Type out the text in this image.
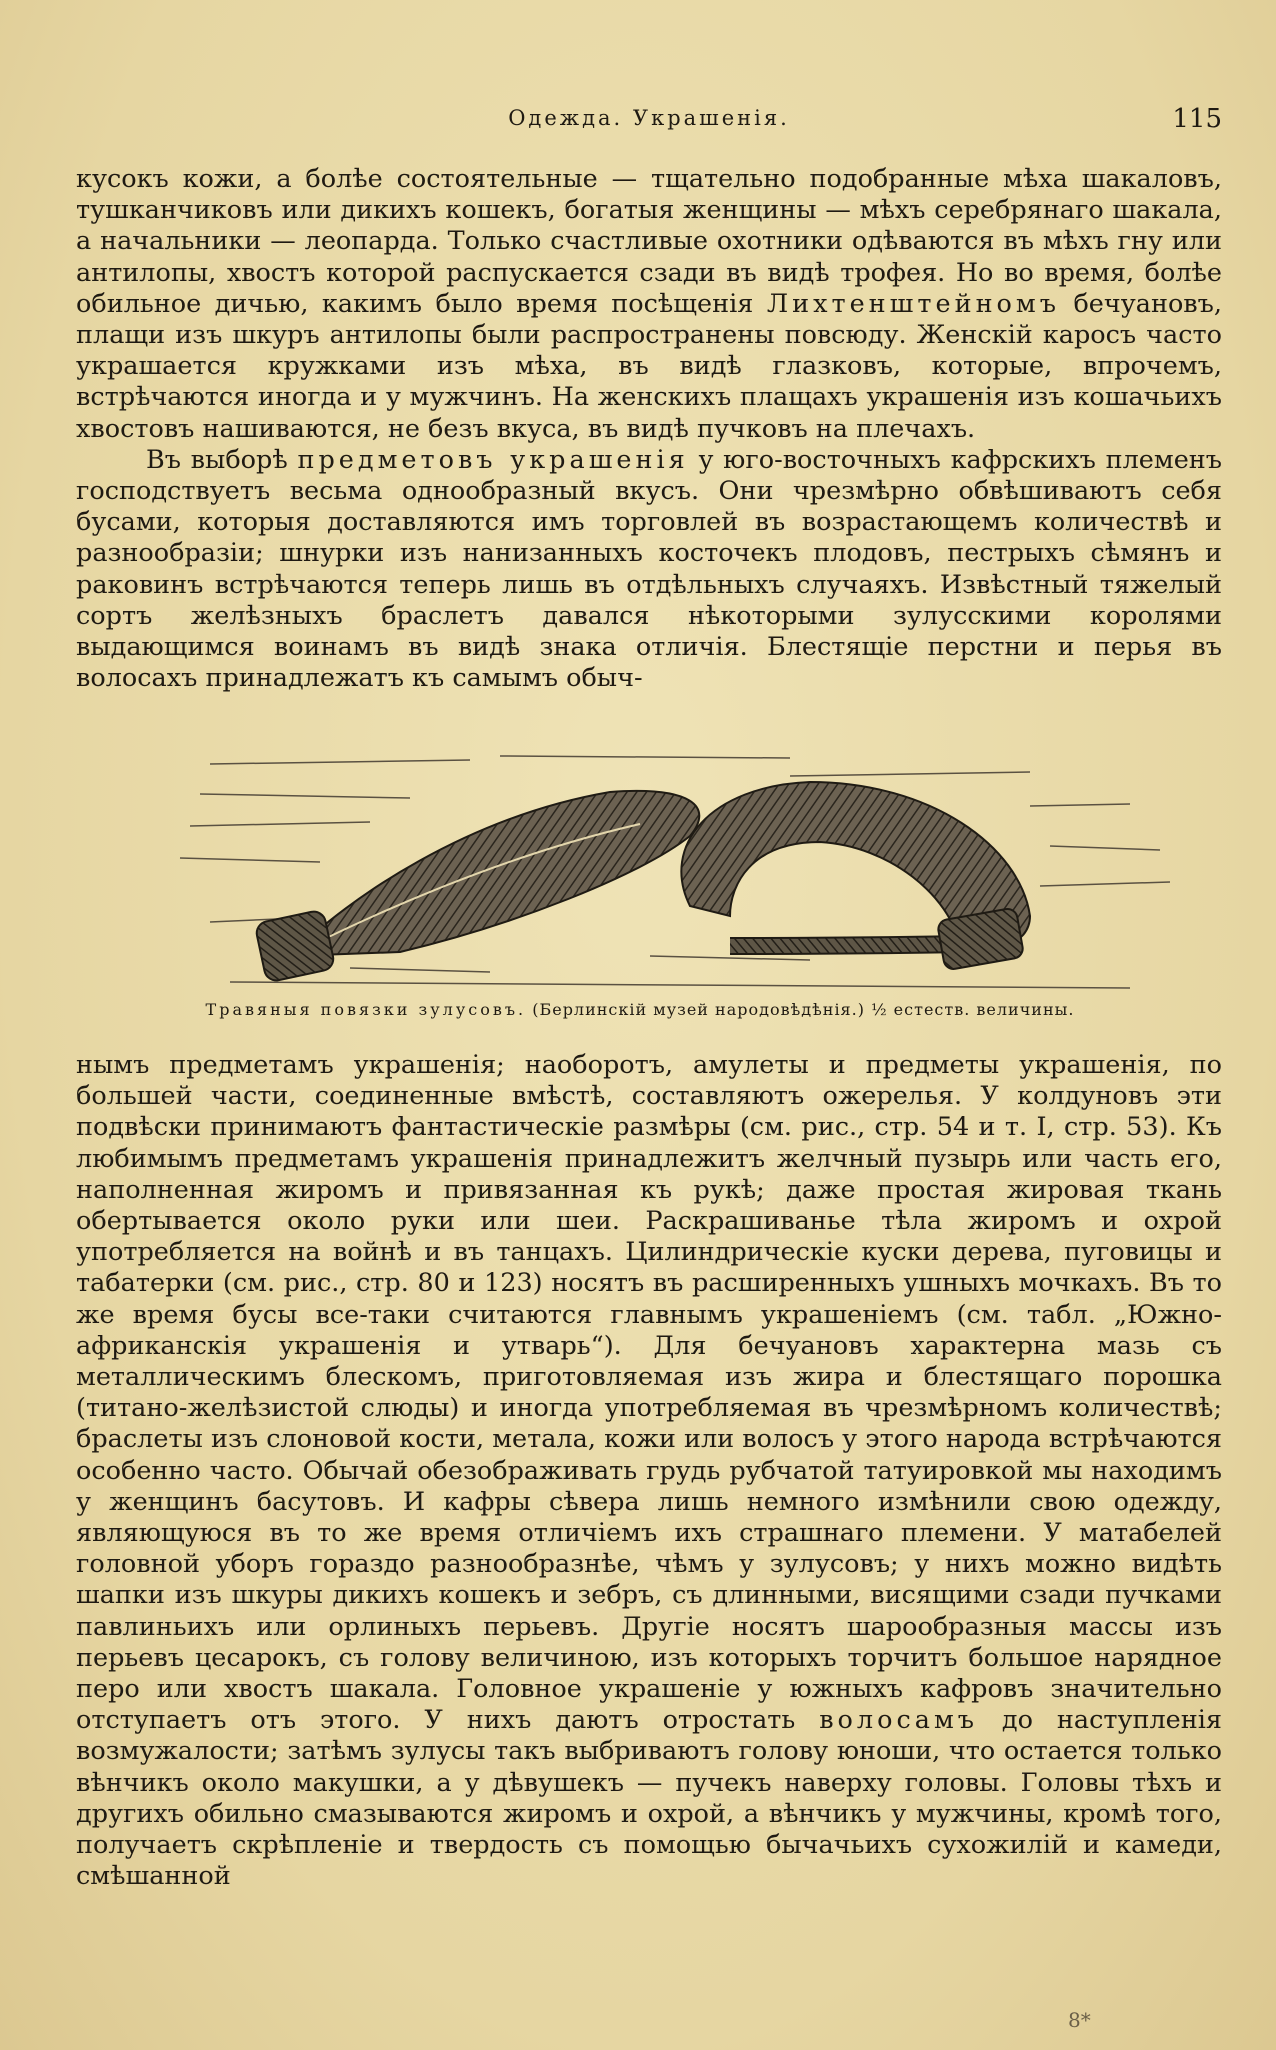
Одежда. Украшенія.	115

кусокъ кожи, а болѣе состоятельные — тщательно подобранные мѣха шакаловъ, тушканчиковъ или дикихъ кошекъ, богатыя женщины — мѣхъ серебрянаго шакала, а начальники — леопарда. Только счастливые охотники одѣваются въ мѣхъ гну или антилопы, хвостъ которой распускается сзади въ видѣ трофея. Но во время, болѣе обильное дичью, какимъ было время посѣщенія Лихтенштейномъ бечуановъ, плащи изъ шкуръ антилопы были распространены повсюду. Женскій каросъ часто украшается кружками изъ мѣха, въ видѣ глазковъ, которые, впрочемъ, встрѣчаются иногда и у мужчинъ. На женскихъ плащахъ украшенія изъ кошачьихъ хвостовъ нашиваются, не безъ вкуса, въ видѣ пучковъ на плечахъ.

Въ выборѣ предметовъ украшенія у юго-восточныхъ кафрскихъ племенъ господствуетъ весьма однообразный вкусъ. Они чрезмѣрно обвѣшиваютъ себя бусами, которыя доставляются имъ торговлей въ возрастающемъ количествѣ и разнообразіи; шнурки изъ нанизанныхъ косточекъ плодовъ, пестрыхъ сѣмянъ и раковинъ встрѣчаются теперь лишь въ отдѣльныхъ случаяхъ. Извѣстный тяжелый сортъ желѣзныхъ браслетъ давался нѣкоторыми зулусскими королями выдающимся воинамъ въ видѣ знака отличія. Блестящіе перстни и перья въ волосахъ принадлежатъ къ самымъ обыч-

Травяныя повязки зулусовъ. (Берлинскій музей народовѣдѣнія.) ½ естеств. величины.

нымъ предметамъ украшенія; наоборотъ, амулеты и предметы украшенія, по большей части, соединенные вмѣстѣ, составляютъ ожерелья. У колдуновъ эти подвѣски принимаютъ фантастическіе размѣры (см. рис., стр. 54 и т. I, стр. 53). Къ любимымъ предметамъ украшенія принадлежитъ желчный пузырь или часть его, наполненная жиромъ и привязанная къ рукѣ; даже простая жировая ткань обертывается около руки или шеи. Раскрашиванье тѣла жиромъ и охрой употребляется на войнѣ и въ танцахъ. Цилиндрическіе куски дерева, пуговицы и табатерки (см. рис., стр. 80 и 123) носятъ въ расширенныхъ ушныхъ мочкахъ. Въ то же время бусы все-таки считаются главнымъ украшеніемъ (см. табл. „Южно-африканскія украшенія и утварь“). Для бечуановъ характерна мазь съ металлическимъ блескомъ, приготовляемая изъ жира и блестящаго порошка (титано-желѣзистой слюды) и иногда употребляемая въ чрезмѣрномъ количествѣ; браслеты изъ слоновой кости, метала, кожи или волосъ у этого народа встрѣчаются особенно часто. Обычай обезображивать грудь рубчатой татуировкой мы находимъ у женщинъ басутовъ. И кафры сѣвера лишь немного измѣнили свою одежду, являющуюся въ то же время отличіемъ ихъ страшнаго племени. У матабелей головной уборъ гораздо разнообразнѣе, чѣмъ у зулусовъ; у нихъ можно видѣть шапки изъ шкуры дикихъ кошекъ и зебръ, съ длинными, висящими сзади пучками павлиньихъ или орлиныхъ перьевъ. Другіе носятъ шарообразныя массы изъ перьевъ цесарокъ, съ голову величиною, изъ которыхъ торчитъ большое нарядное перо или хвостъ шакала. Головное украшеніе у южныхъ кафровъ значительно отступаетъ отъ этого. У нихъ даютъ отростать волосамъ до наступленія возмужалости; затѣмъ зулусы такъ выбриваютъ голову юноши, что остается только вѣнчикъ около макушки, а у дѣвушекъ — пучекъ наверху головы. Головы тѣхъ и другихъ обильно смазываются жиромъ и охрой, а вѣнчикъ у мужчины, кромѣ того, получаетъ скрѣпленіе и твердость съ помощью бычачьихъ сухожилій и камеди, смѣшанной

8*
